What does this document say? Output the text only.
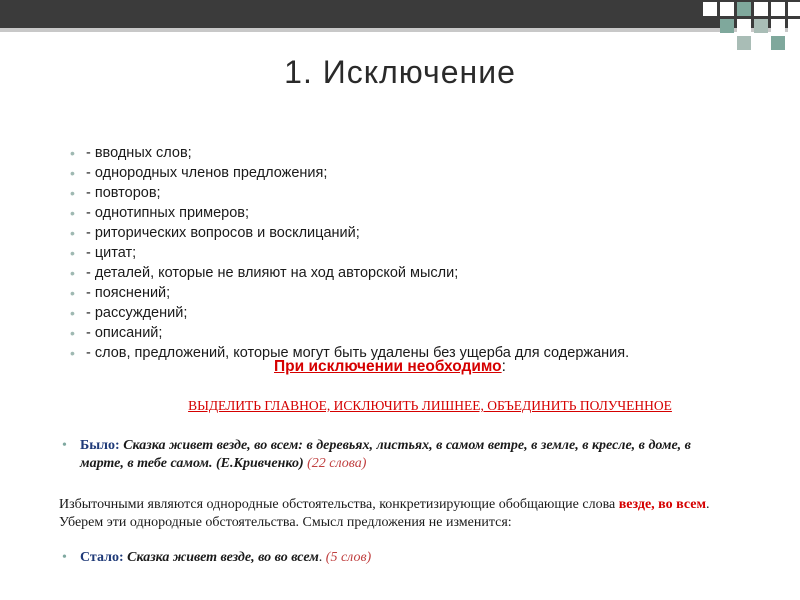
1. Исключение
• - вводных слов;
• - однородных членов предложения;
• - повторов;
• - однотипных примеров;
• - риторических вопросов и восклицаний;
• - цитат;
• - деталей, которые не влияют на ход авторской мысли;
• - пояснений;
• - рассуждений;
• - описаний;
• - слов, предложений, которые могут быть удалены без ущерба для содержания.
При исключении необходимо:
ВЫДЕЛИТЬ ГЛАВНОЕ, ИСКЛЮЧИТЬ ЛИШНЕЕ, ОБЪЕДИНИТЬ ПОЛУЧЕННОЕ
• Было: Сказка живет везде, во всем: в деревьях, листьях, в самом ветре, в земле, в кресле, в доме, в марте, в тебе самом. (Е.Кривченко) (22 слова)
Избыточными являются однородные обстоятельства, конкретизирующие обобщающие слова везде, во всем. Уберем эти однородные обстоятельства. Смысл предложения не изменится:
• Стало: Сказка живет везде, во во всем. (5 слов)
